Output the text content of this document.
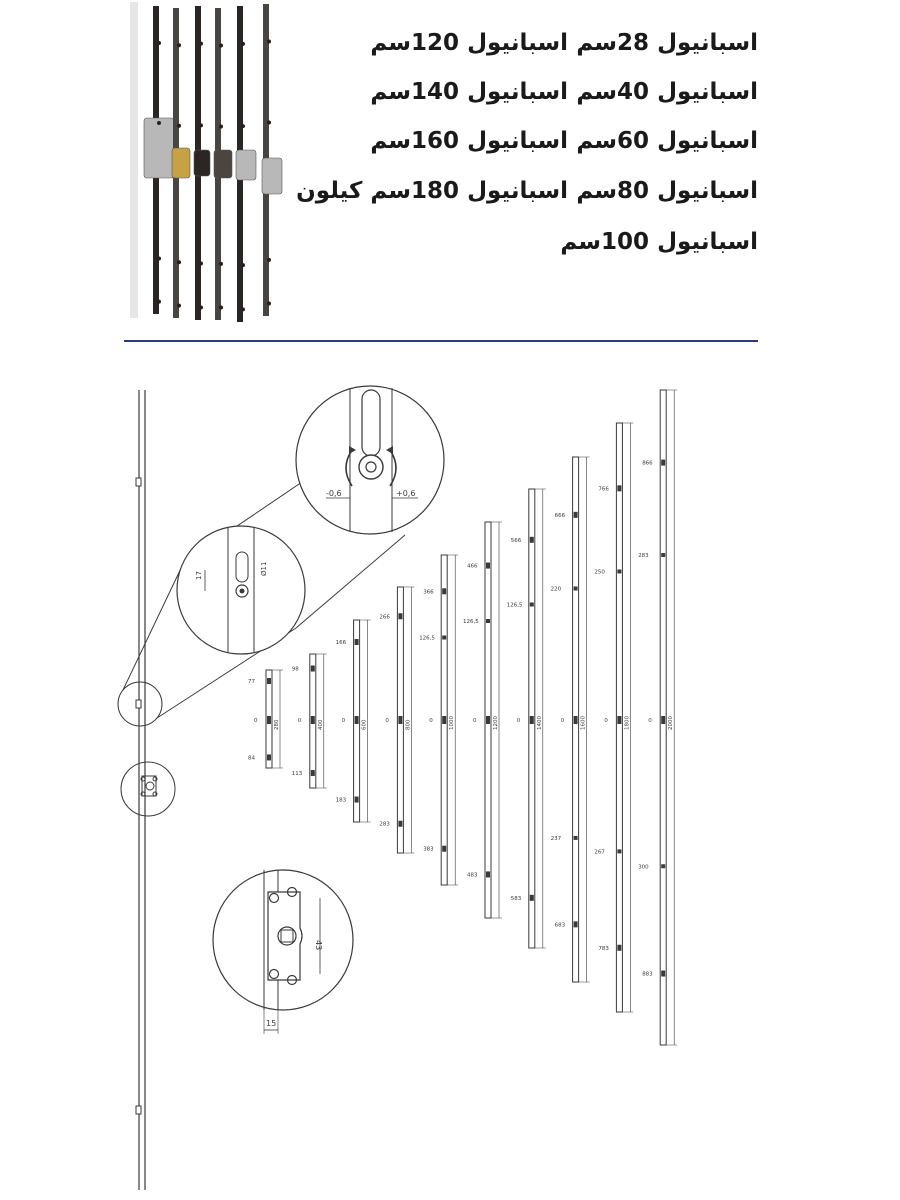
اسبانيول 28سم
اسبانيول 40سم
اسبانيول 60سم
اسبانيول 80سم
اسبانيول 100سم
اسبانيول 120سم
اسبانيول 140سم
اسبانيول 160سم
اسبانيول 180سم كيلون
17	Ø11
-0,6	+0,6
43
15
280
0
77
84
400
0
98
113
600
0
166
183
800
0
266
283
1000
0
366
383
126,5
1200
0
466
483
126,5
1400
0
566
583
126,5
1600
0
666
683
220
237
1800
0
766
783
250
267
2000
0
866
883
283
300
